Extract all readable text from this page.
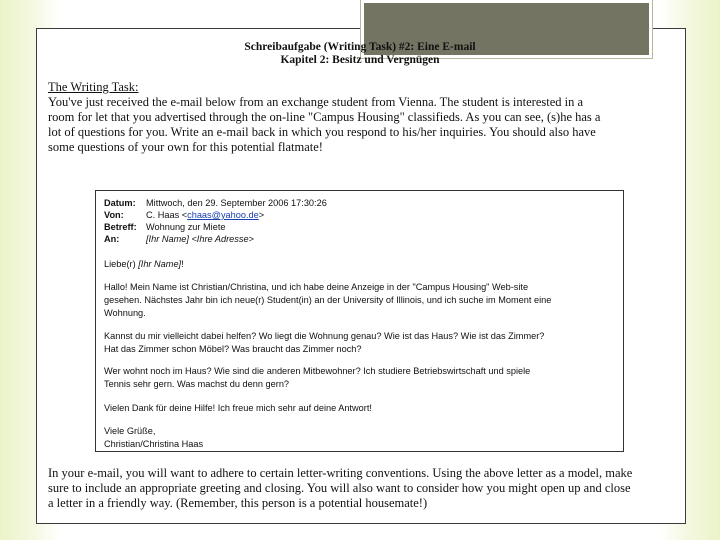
Schreibaufgabe (Writing Task) #2: Eine E-mail
Kapitel 2: Besitz und Vergnügen
The Writing Task:
You've just received the e-mail below from an exchange student from Vienna. The student is interested in a room for let that you advertised through the on-line "Campus Housing" classifieds. As you can see, (s)he has a lot of questions for you. Write an e-mail back in which you respond to his/her inquiries. You should also have some questions of your own for this potential flatmate!
Datum: Mittwoch, den 29. September 2006 17:30:26
Von: C. Haas <chaas@yahoo.de>
Betreff: Wohnung zur Miete
An:	[Ihr Name] <Ihre Adresse>
Liebe(r) [Ihr Name]!
Hallo! Mein Name ist Christian/Christina, und ich habe deine Anzeige in der "Campus Housing" Web-site
gesehen. Nächstes Jahr bin ich neue(r) Student(in) an der University of Illinois, und ich suche im Moment eine
Wohnung.
Kannst du mir vielleicht dabei helfen? Wo liegt die Wohnung genau? Wie ist das Haus? Wie ist das Zimmer?
Hat das Zimmer schon Möbel? Was braucht das Zimmer noch?
Wer wohnt noch im Haus? Wie sind die anderen Mitbewohner? Ich studiere Betriebswirtschaft und spiele
Tennis sehr gern. Was machst du denn gern?
Vielen Dank für deine Hilfe! Ich freue mich sehr auf deine Antwort!
Viele Grüße,
Christian/Christina Haas
In your e-mail, you will want to adhere to certain letter-writing conventions. Using the above letter as a model, make sure to include an appropriate greeting and closing. You will also want to consider how you might open up and close a letter in a friendly way. (Remember, this person is a potential housemate!)
